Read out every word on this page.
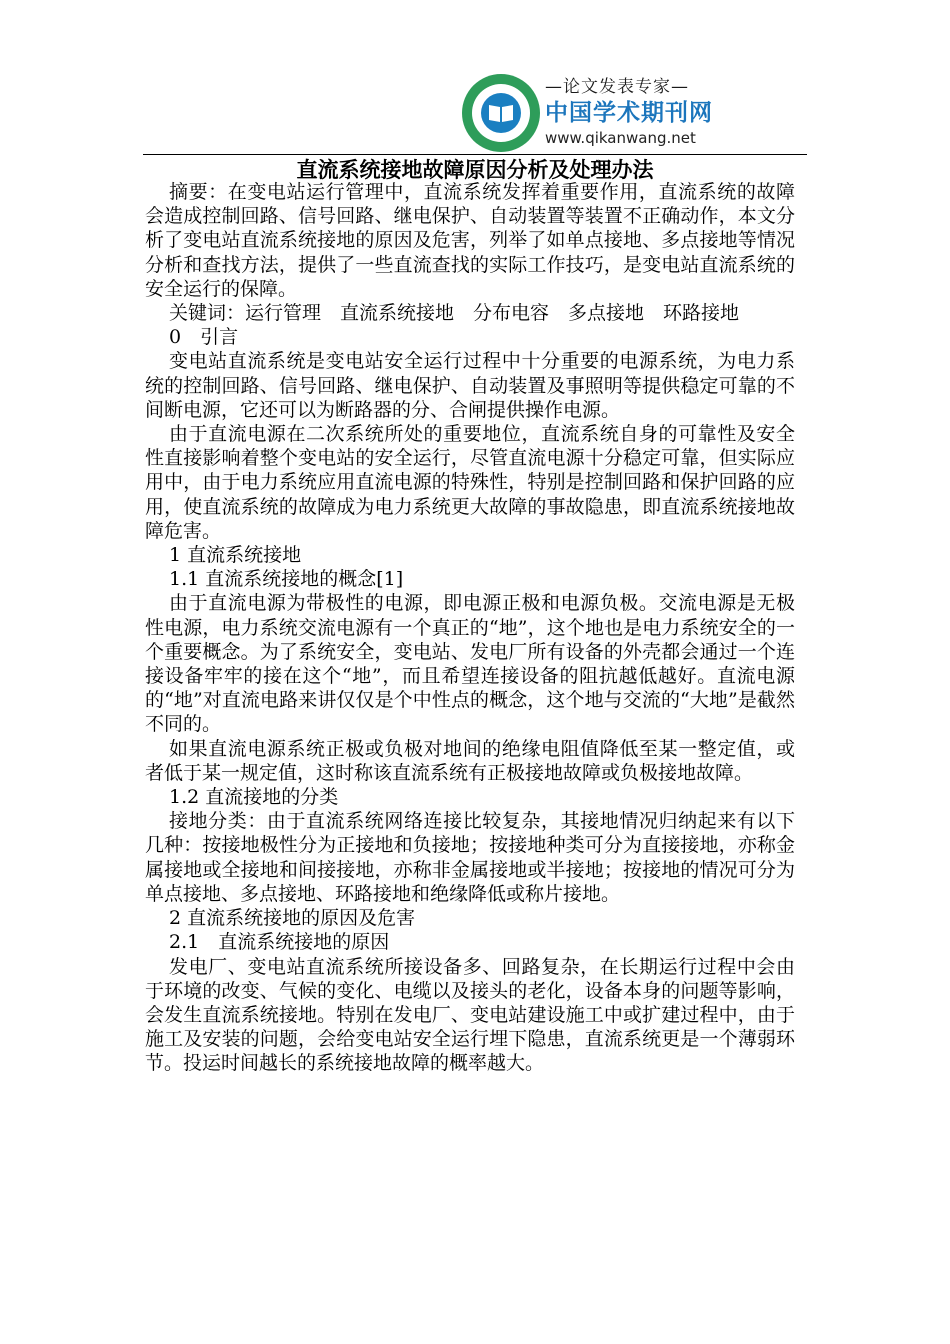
—论文发表专家—
中国学术期刊网
www.qikanwang.net
直流系统接地故障原因分析及处理办法

摘要：在变电站运行管理中，直流系统发挥着重要作用，直流系统的故障会造成控制回路、信号回路、继电保护、自动装置等装置不正确动作，本文分析了变电站直流系统接地的原因及危害，列举了如单点接地、多点接地等情况分析和查找方法，提供了一些直流查找的实际工作技巧，是变电站直流系统的安全运行的保障。

关键词：运行管理　直流系统接地　分布电容　多点接地　环路接地

0　引言

变电站直流系统是变电站安全运行过程中十分重要的电源系统，为电力系统的控制回路、信号回路、继电保护、自动装置及事照明等提供稳定可靠的不间断电源，它还可以为断路器的分、合闸提供操作电源。

由于直流电源在二次系统所处的重要地位，直流系统自身的可靠性及安全性直接影响着整个变电站的安全运行，尽管直流电源十分稳定可靠，但实际应用中，由于电力系统应用直流电源的特殊性，特别是控制回路和保护回路的应用，使直流系统的故障成为电力系统更大故障的事故隐患，即直流系统接地故障危害。

1 直流系统接地

1.1 直流系统接地的概念[1]

由于直流电源为带极性的电源，即电源正极和电源负极。交流电源是无极性电源，电力系统交流电源有一个真正的“地”，这个地也是电力系统安全的一个重要概念。为了系统安全，变电站、发电厂所有设备的外壳都会通过一个连接设备牢牢的接在这个“地”，而且希望连接设备的阻抗越低越好。直流电源的“地”对直流电路来讲仅仅是个中性点的概念，这个地与交流的“大地”是截然不同的。

如果直流电源系统正极或负极对地间的绝缘电阻值降低至某一整定值，或者低于某一规定值，这时称该直流系统有正极接地故障或负极接地故障。

1.2 直流接地的分类

接地分类：由于直流系统网络连接比较复杂，其接地情况归纳起来有以下几种：按接地极性分为正接地和负接地；按接地种类可分为直接接地，亦称金属接地或全接地和间接接地，亦称非金属接地或半接地；按接地的情况可分为单点接地、多点接地、环路接地和绝缘降低或称片接地。

2 直流系统接地的原因及危害

2.1　直流系统接地的原因

发电厂、变电站直流系统所接设备多、回路复杂，在长期运行过程中会由于环境的改变、气候的变化、电缆以及接头的老化，设备本身的问题等影响，会发生直流系统接地。特别在发电厂、变电站建设施工中或扩建过程中，由于施工及安装的问题，会给变电站安全运行埋下隐患，直流系统更是一个薄弱环节。投运时间越长的系统接地故障的概率越大。
